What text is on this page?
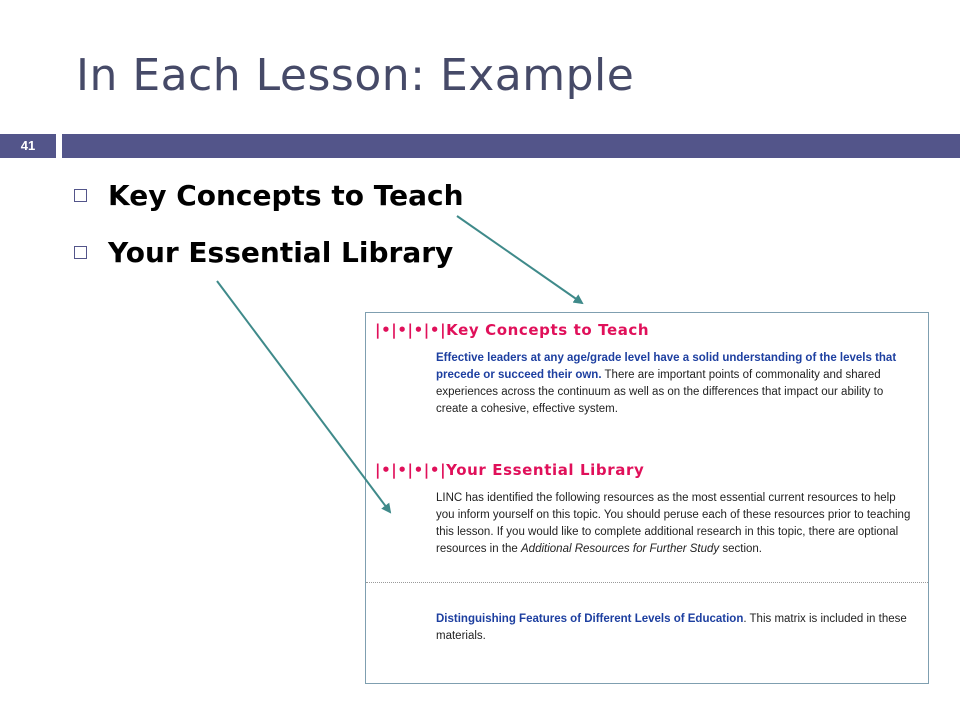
In Each Lesson: Example
41
Key Concepts to Teach
Your Essential Library
|•|•|•|•|Key Concepts to Teach
Effective leaders at any age/grade level have a solid understanding of the levels that precede or succeed their own. There are important points of commonality and shared experiences across the continuum as well as on the differences that impact our ability to create a cohesive, effective system.
|•|•|•|•|Your Essential Library
LINC has identified the following resources as the most essential current resources to help you inform yourself on this topic. You should peruse each of these resources prior to teaching this lesson. If you would like to complete additional research in this topic, there are optional resources in the Additional Resources for Further Study section.
Distinguishing Features of Different Levels of Education. This matrix is included in these materials.
